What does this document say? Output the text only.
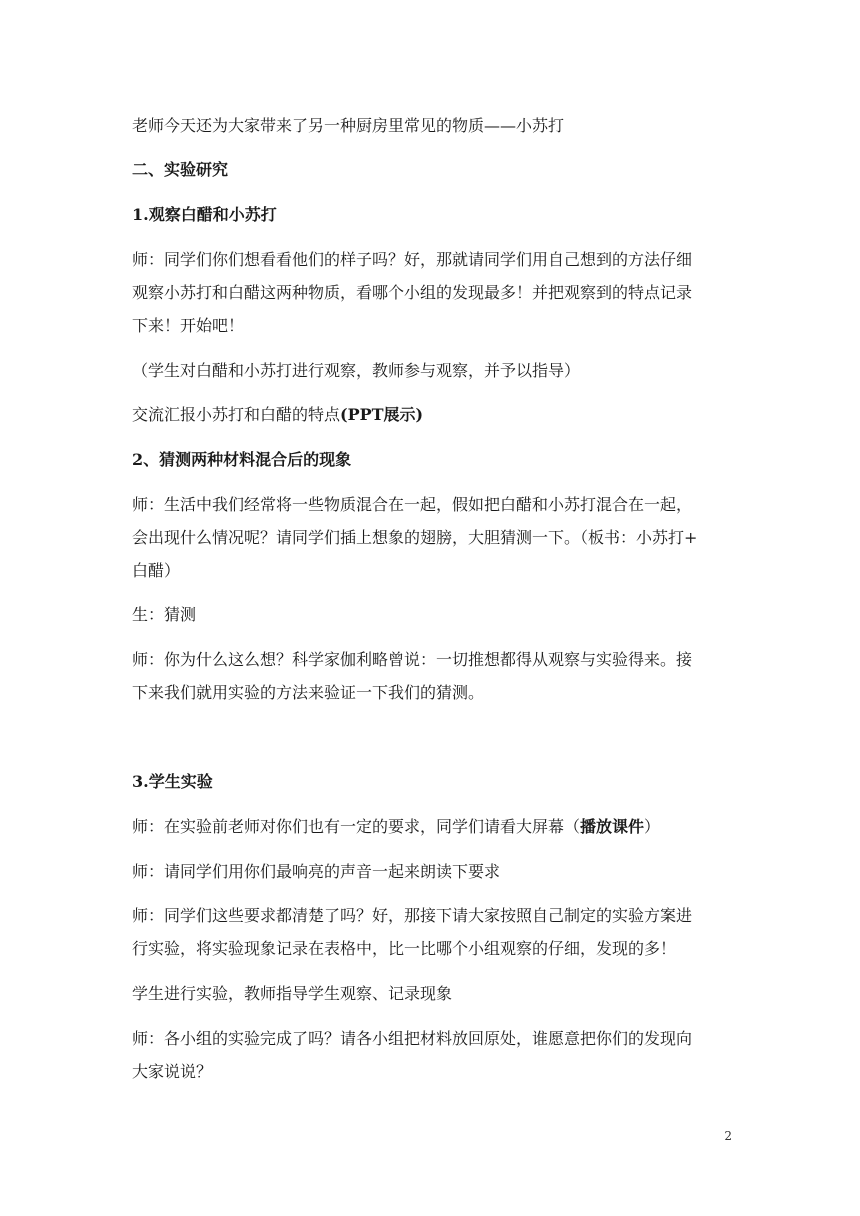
老师今天还为大家带来了另一种厨房里常见的物质——小苏打
二、实验研究
1.观察白醋和小苏打
师：同学们你们想看看他们的样子吗？好，那就请同学们用自己想到的方法仔细
观察小苏打和白醋这两种物质，看哪个小组的发现最多！并把观察到的特点记录
下来！开始吧！
（学生对白醋和小苏打进行观察，教师参与观察，并予以指导）
交流汇报小苏打和白醋的特点(PPT展示)
2、猜测两种材料混合后的现象
师：生活中我们经常将一些物质混合在一起，假如把白醋和小苏打混合在一起，
会出现什么情况呢？请同学们插上想象的翅膀，大胆猜测一下。（板书：小苏打+
白醋）
生：猜测
师：你为什么这么想？科学家伽利略曾说：一切推想都得从观察与实验得来。接
下来我们就用实验的方法来验证一下我们的猜测。
3.学生实验
师：在实验前老师对你们也有一定的要求，同学们请看大屏幕（播放课件）
师：请同学们用你们最响亮的声音一起来朗读下要求
师：同学们这些要求都清楚了吗？好，那接下请大家按照自己制定的实验方案进
行实验，将实验现象记录在表格中，比一比哪个小组观察的仔细，发现的多！
学生进行实验，教师指导学生观察、记录现象
师：各小组的实验完成了吗？请各小组把材料放回原处，谁愿意把你们的发现向
大家说说？
2
